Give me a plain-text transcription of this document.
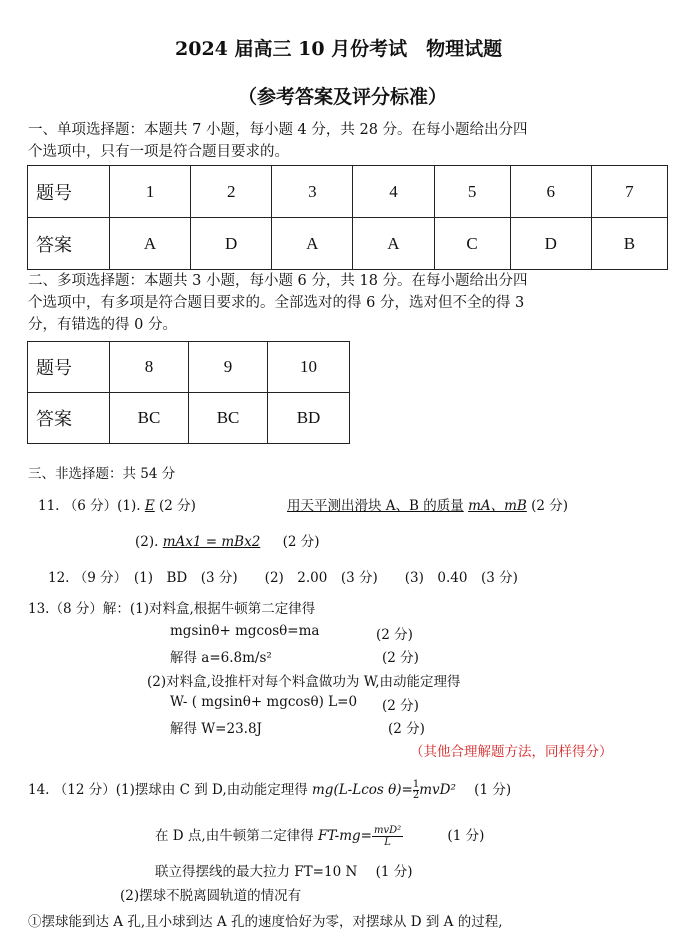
2024 届高三 10 月份考试　物理试题
（参考答案及评分标准）
一、单项选择题：本题共 7 小题，每小题 4 分，共 28 分。在每小题给出分四
个选项中，只有一项是符合题目要求的。
题号	1	2	3	4	5	6	7
答案	A	D	A	A	C	D	B
二、多项选择题：本题共 3 小题，每小题 6 分，共 18 分。在每小题给出分四
个选项中，有多项是符合题目要求的。全部选对的得 6 分，选对但不全的得 3
分，有错选的得 0 分。
题号	8	9	10
答案	BC	BC	BD
三、非选择题：共 54 分
11. （6 分）(1). E (2 分)	用天平测出滑块 A、B 的质量 mA、mB (2 分)
(2). mAx1 = mBx2 (2 分)
12. （9 分）　(1)　BD　(3 分)　　(2)　2.00　(3 分)　　(3)　0.40　(3 分)
13.（8 分）解：(1)对料盒,根据牛顿第二定律得
mgsinθ+ mgcosθ=ma	(2 分)
解得 a=6.8m/s²	(2 分)
(2)对料盒,设推杆对每个料盒做功为 W,由动能定理得
W- ( mgsinθ+ mgcosθ) L=0 (2 分)
解得 W=23.8J	(2 分)
（其他合理解题方法，同样得分）
14. （12 分）(1)摆球由 C 到 D,由动能定理得 mg(L-Lcos $\theta)= \frac{1}{2} mvD^2$ (1 分)
在 D 点,由牛顿第二定律得 FT-mg= mvD²
L	(1 分)
联立得摆线的最大拉力 FT=10 N (1 分)
(2)摆球不脱离圆轨道的情况有
①摆球能到达 A 孔,且小球到达 A 孔的速度恰好为零，对摆球从 D 到 A 的过程,
